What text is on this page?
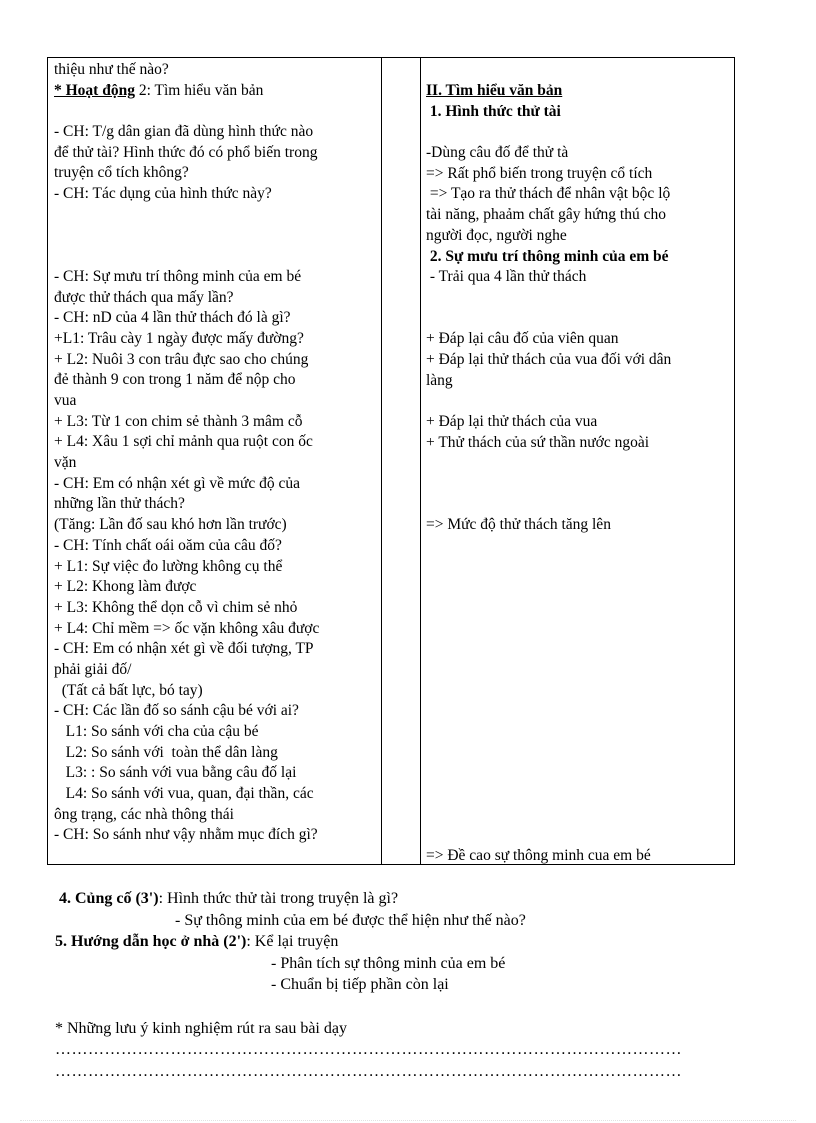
thiệu như thế nào?
* Hoạt động 2: Tìm hiểu văn bản
- CH: T/g dân gian đã dùng hình thức nào
để thử tài? Hình thức đó có phổ biến trong
truyện cổ tích không?
- CH: Tác dụng của hình thức này?
- CH: Sự mưu trí thông minh của em bé
được thử thách qua mấy lần?
- CH: nD của 4 lần thử thách đó là gì?
+L1: Trâu cày 1 ngày được mấy đường?
+ L2: Nuôi 3 con trâu đực sao cho chúng
đẻ thành 9 con trong 1 năm để nộp cho
vua
+ L3: Từ 1 con chim sẻ thành 3 mâm cỗ
+ L4: Xâu 1 sợi chỉ mảnh qua ruột con ốc
vặn
- CH: Em có nhận xét gì về mức độ của
những lần thử thách?
(Tăng: Lần đố sau khó hơn lần trước)
- CH: Tính chất oái oăm của câu đố?
+ L1: Sự việc đo lường không cụ thể
+ L2: Khong làm được
+ L3: Không thể dọn cỗ vì chim sẻ nhỏ
+ L4: Chỉ mềm => ốc vặn không xâu được
- CH: Em có nhận xét gì về đối tượng, TP
phải giải đố/
(Tất cả bất lực, bó tay)
- CH: Các lần đố so sánh cậu bé với ai?
L1: So sánh với cha của cậu bé
L2: So sánh với  toàn thể dân làng
L3: : So sánh với vua bằng câu đố lại
L4: So sánh với vua, quan, đại thần, các
ông trạng, các nhà thông thái
- CH: So sánh như vậy nhằm mục đích gì?
II. Tìm hiểu văn bản
1. Hình thức thử tài
-Dùng câu đố để thử tà
=> Rất phổ biến trong truyện cổ tích
=> Tạo ra thử thách để nhân vật bộc lộ
tài năng, phaảm chất gây hứng thú cho
người đọc, người nghe
2. Sự mưu trí thông minh của em bé
- Trải qua 4 lần thử thách
+ Đáp lại câu đố của viên quan
+ Đáp lại thử thách của vua đối với dân
làng
+ Đáp lại thử thách của vua
+ Thử thách của sứ thần nước ngoài
=> Mức độ thử thách tăng lên
=> Đề cao sự thông minh cua em bé
4. Củng cố (3'): Hình thức thử tài trong truyện là gì?
- Sự thông minh của em bé được thể hiện như thế nào?
5. Hướng dẫn học ở nhà (2'): Kể lại truyện
- Phân tích sự thông minh của em bé
- Chuẩn bị tiếp phần còn lại
* Những lưu ý kinh nghiệm rút ra sau bài dạy
……………………………………………………………………………………………………
……………………………………………………………………………………………………
